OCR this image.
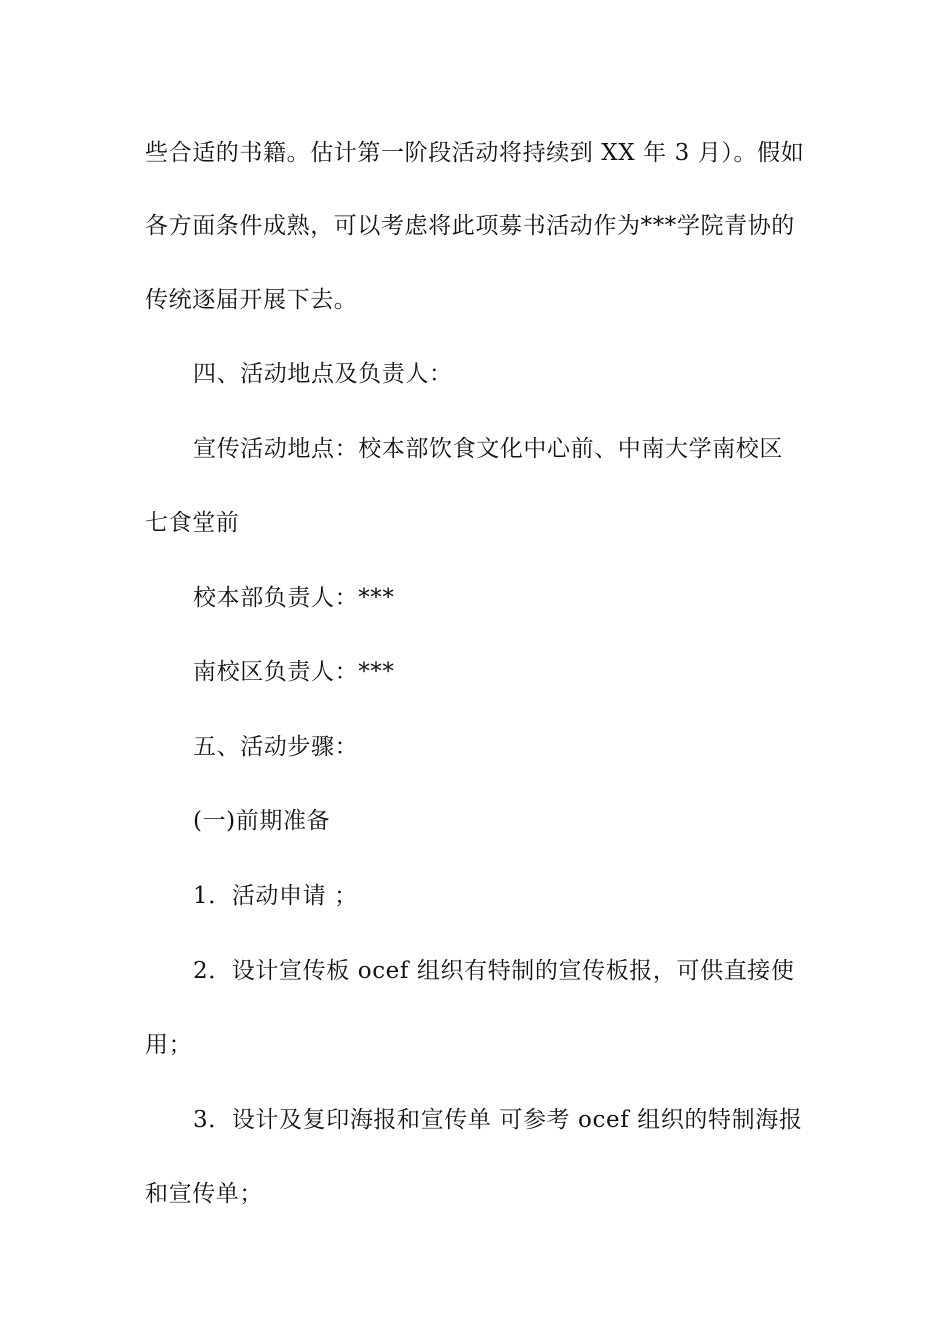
些合适的书籍。估计第一阶段活动将持续到 XX 年 3 月）。假如
各方面条件成熟，可以考虑将此项募书活动作为***学院青协的
传统逐届开展下去。
四、活动地点及负责人：
宣传活动地点：校本部饮食文化中心前、中南大学南校区
七食堂前
校本部负责人：***
南校区负责人：***
五、活动步骤：
(一)前期准备
1．活动申请 ；
2．设计宣传板 ocef 组织有特制的宣传板报，可供直接使
用；
3．设计及复印海报和宣传单 可参考 ocef 组织的特制海报
和宣传单；
